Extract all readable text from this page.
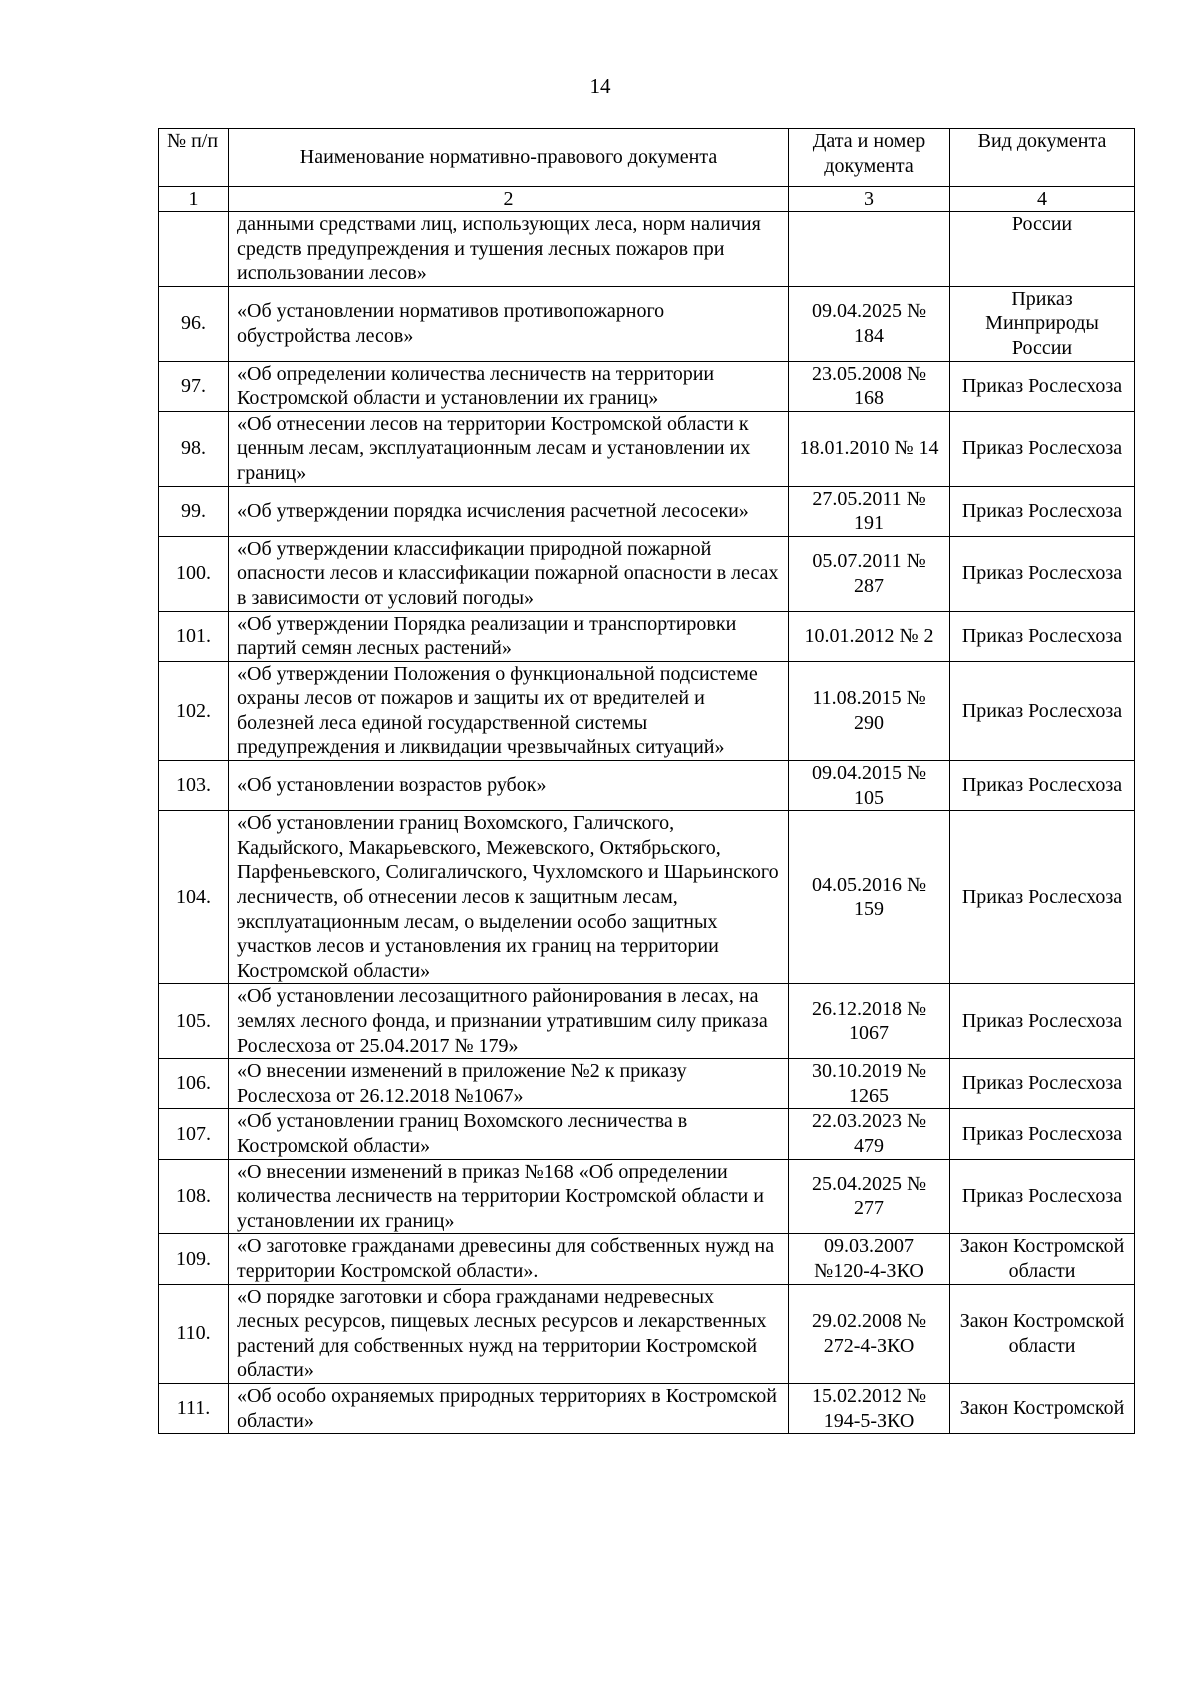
14
№ п/п	Наименование нормативно-правового документа	Дата и номер документа	Вид документа
1	2	3	4
	данными средствами лиц, использующих леса, норм наличия средств предупреждения и тушения лесных пожаров при использовании лесов»		России
96.	«Об установлении нормативов противопожарного обустройства лесов»	09.04.2025 № 184	Приказ Минприроды России
97.	«Об определении количества лесничеств на территории Костромской области и установлении их границ»	23.05.2008 № 168	Приказ Рослесхоза
98.	«Об отнесении лесов на территории Костромской области к ценным лесам, эксплуатационным лесам и установлении их границ»	18.01.2010 № 14	Приказ Рослесхоза
99.	«Об утверждении порядка исчисления расчетной лесосеки»	27.05.2011 № 191	Приказ Рослесхоза
100.	«Об утверждении классификации природной пожарной опасности лесов и классификации пожарной опасности в лесах в зависимости от условий погоды»	05.07.2011 № 287	Приказ Рослесхоза
101.	«Об утверждении Порядка реализации и транспортировки партий семян лесных растений»	10.01.2012 № 2	Приказ Рослесхоза
102.	«Об утверждении Положения о функциональной подсистеме охраны лесов от пожаров и защиты их от вредителей и болезней леса единой государственной системы предупреждения и ликвидации чрезвычайных ситуаций»	11.08.2015 № 290	Приказ Рослесхоза
103.	«Об установлении возрастов рубок»	09.04.2015 № 105	Приказ Рослесхоза
104.	«Об установлении границ Вохомского, Галичского, Кадыйского, Макарьевского, Межевского, Октябрьского, Парфеньевского, Солигаличского, Чухломского и Шарьинского лесничеств, об отнесении лесов к защитным лесам, эксплуатационным лесам, о выделении особо защитных участков лесов и установления их границ на территории Костромской области»	04.05.2016 № 159	Приказ Рослесхоза
105.	«Об установлении лесозащитного районирования в лесах, на землях лесного фонда, и признании утратившим силу приказа Рослесхоза от 25.04.2017 № 179»	26.12.2018 № 1067	Приказ Рослесхоза
106.	«О внесении изменений в приложение №2 к приказу Рослесхоза от 26.12.2018 №1067»	30.10.2019 № 1265	Приказ Рослесхоза
107.	«Об установлении границ Вохомского лесничества в Костромской области»	22.03.2023 № 479	Приказ Рослесхоза
108.	«О внесении изменений в приказ №168 «Об определении количества лесничеств на территории Костромской области и установлении их границ»	25.04.2025 № 277	Приказ Рослесхоза
109.	«О заготовке гражданами древесины для собственных нужд на территории Костромской области».	09.03.2007 №120-4-ЗКО	Закон Костромской области
110.	«О порядке заготовки и сбора гражданами недревесных лесных ресурсов, пищевых лесных ресурсов и лекарственных растений для собственных нужд на территории Костромской области»	29.02.2008 № 272-4-ЗКО	Закон Костромской области
111.	«Об особо охраняемых природных территориях в Костромской области»	15.02.2012 № 194-5-ЗКО	Закон Костромской
